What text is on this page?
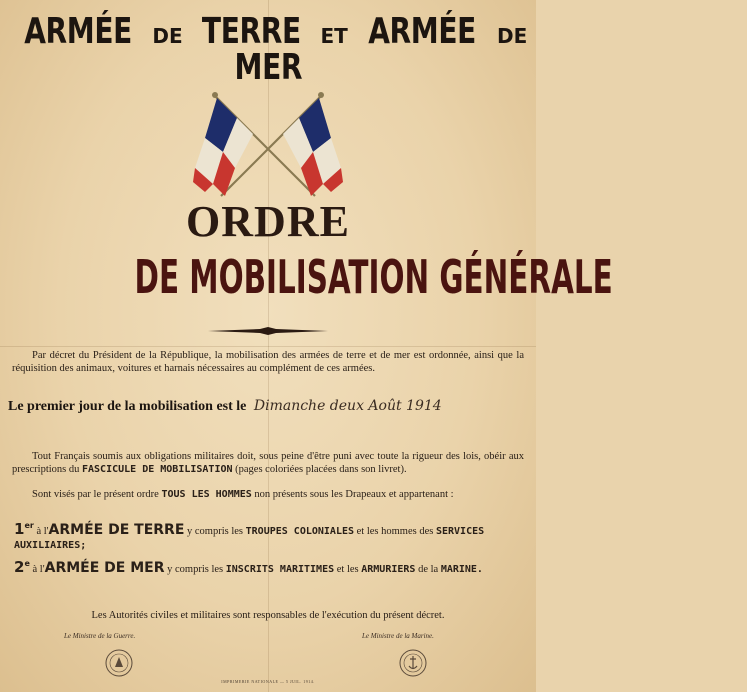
ARMÉE DE TERRE ET ARMÉE DE MER
ORDRE
DE MOBILISATION GÉNÉRALE
Par décret du Président de la République, la mobilisation des armées de terre et de mer est ordonnée, ainsi que la réquisition des animaux, voitures et harnais nécessaires au complément de ces armées.
Le premier jour de la mobilisation est le Dimanche deux Août 1914
Tout Français soumis aux obligations militaires doit, sous peine d'être puni avec toute la rigueur des lois, obéir aux prescriptions du FASCICULE DE MOBILISATION (pages coloriées placées dans son livret).
Sont visés par le présent ordre TOUS LES HOMMES non présents sous les Drapeaux et appartenant :
1er à l'ARMÉE DE TERRE y compris les TROUPES COLONIALES et les hommes des SERVICES AUXILIAIRES;
2e à l'ARMÉE DE MER y compris les INSCRITS MARITIMES et les ARMURIERS de la MARINE.
Les Autorités civiles et militaires sont responsables de l'exécution du présent décret.
Le Ministre de la Guerre.	Le Ministre de la Marine.
IMPRIMERIE NATIONALE — 5 JUIL. 1914.
